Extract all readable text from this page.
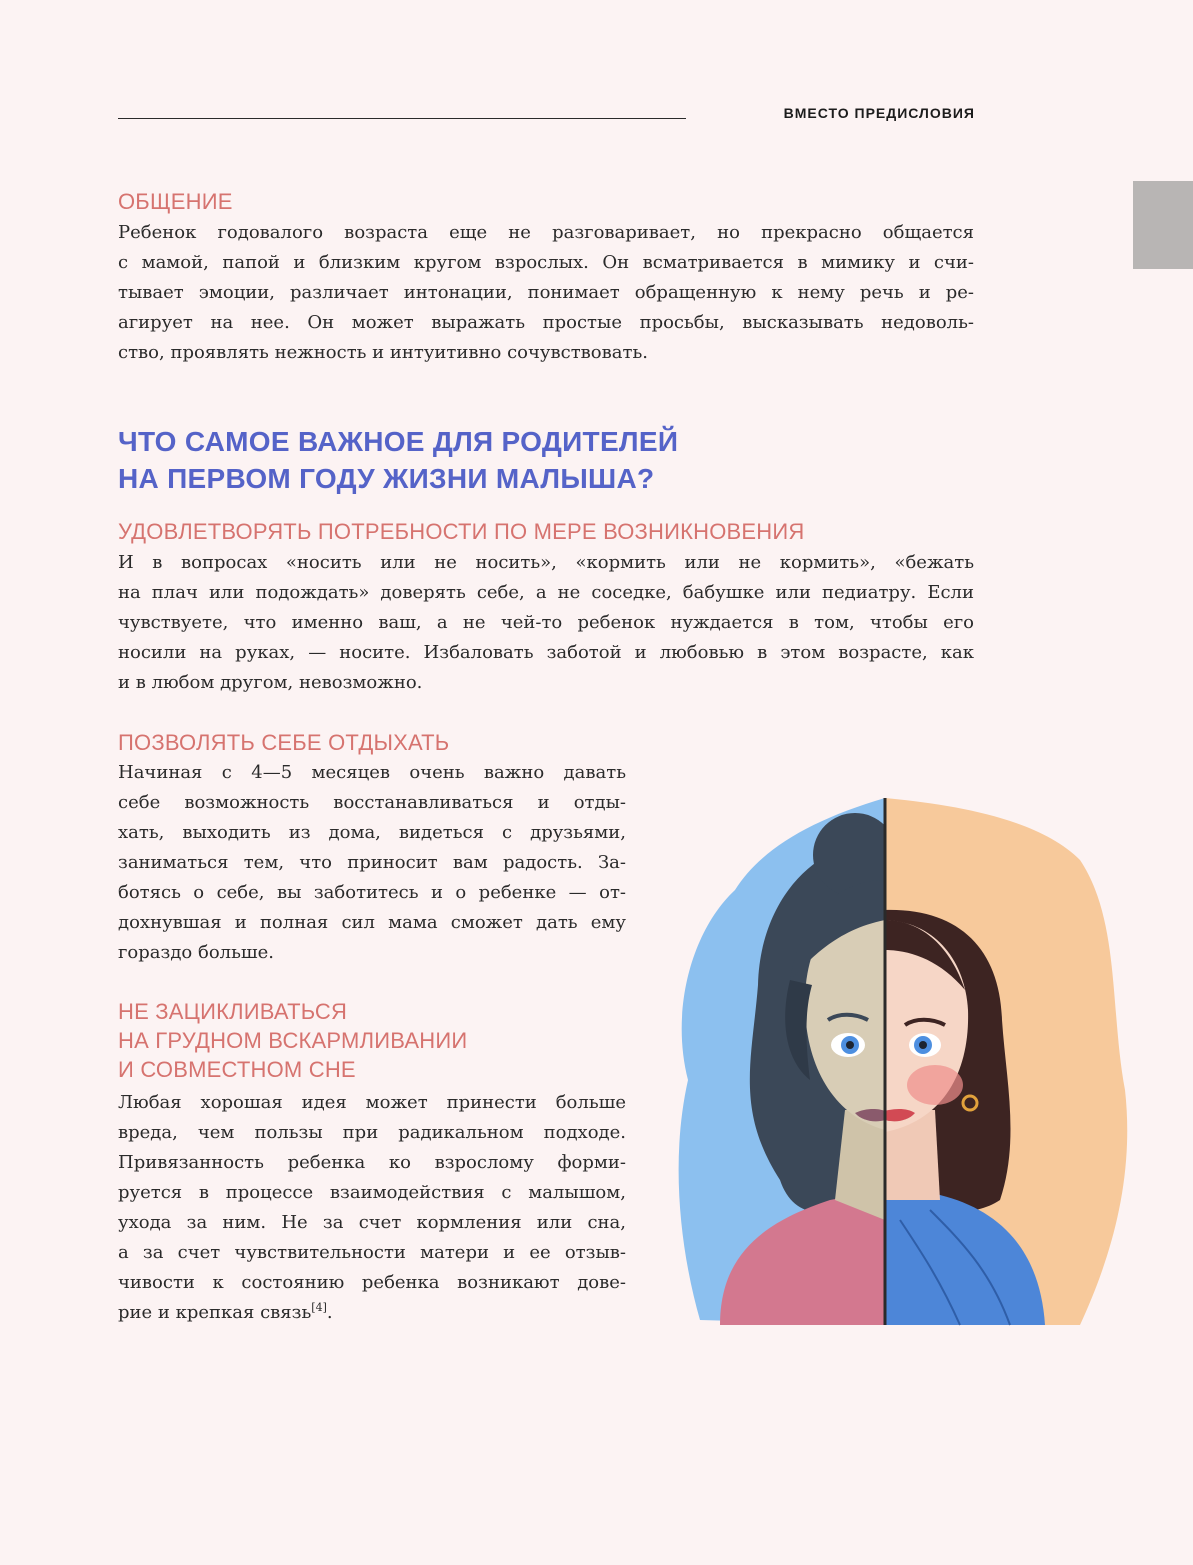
ВМЕСТО ПРЕДИСЛОВИЯ
ОБЩЕНИЕ
Ребенок годовалого возраста еще не разговаривает, но прекрасно общается
с мамой, папой и близким кругом взрослых. Он всматривается в мимику и счи-
тывает эмоции, различает интонации, понимает обращенную к нему речь и ре-
агирует на нее. Он может выражать простые просьбы, высказывать недоволь-
ство, проявлять нежность и интуитивно сочувствовать.
ЧТО САМОЕ ВАЖНОЕ ДЛЯ РОДИТЕЛЕЙ
НА ПЕРВОМ ГОДУ ЖИЗНИ МАЛЫША?
УДОВЛЕТВОРЯТЬ ПОТРЕБНОСТИ ПО МЕРЕ ВОЗНИКНОВЕНИЯ
И в вопросах «носить или не носить», «кормить или не кормить», «бежать
на плач или подождать» доверять себе, а не соседке, бабушке или педиатру. Если
чувствуете, что именно ваш, а не чей-то ребенок нуждается в том, чтобы его
носили на руках, — носите. Избаловать заботой и любовью в этом возрасте, как
и в любом другом, невозможно.
ПОЗВОЛЯТЬ СЕБЕ ОТДЫХАТЬ
Начиная с 4—5 месяцев очень важно давать
себе возможность восстанавливаться и отды-
хать, выходить из дома, видеться с друзьями,
заниматься тем, что приносит вам радость. За-
ботясь о себе, вы заботитесь и о ребенке — от-
дохнувшая и полная сил мама сможет дать ему
гораздо больше.
НЕ ЗАЦИКЛИВАТЬСЯ
НА ГРУДНОМ ВСКАРМЛИВАНИИ
И СОВМЕСТНОМ СНЕ
Любая хорошая идея может принести больше
вреда, чем пользы при радикальном подходе.
Привязанность ребенка ко взрослому форми-
руется в процессе взаимодействия с малышом,
ухода за ним. Не за счет кормления или сна,
а за счет чувствительности матери и ее отзыв-
чивости к состоянию ребенка возникают дове-
рие и крепкая связь[4].
